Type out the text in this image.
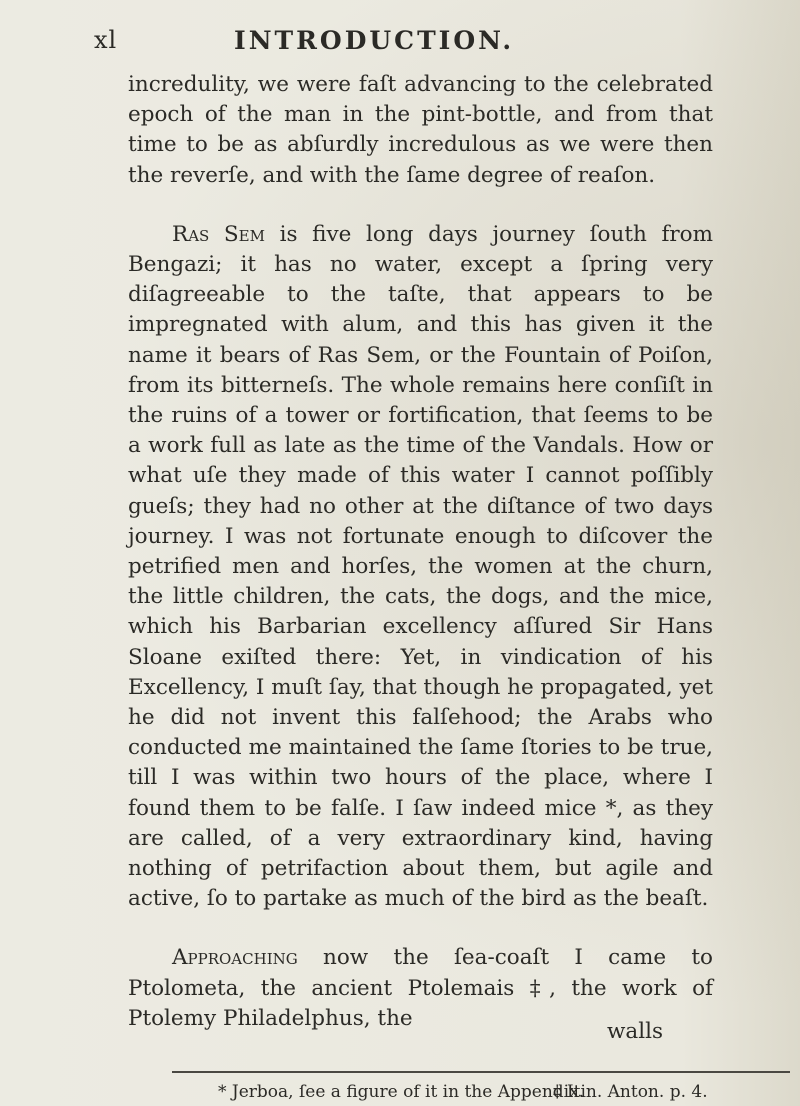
xl	INTRODUCTION.

incredulity, we were faſt advancing to the celebrated epoch of the man in the pint-bottle, and from that time to be as abſurdly incredulous as we were then the reverſe, and with the ſame degree of reaſon.

Ras Sem is five long days journey ſouth from Bengazi; it has no water, except a ſpring very diſagreeable to the taſte, that appears to be impregnated with alum, and this has given it the name it bears of Ras Sem, or the Fountain of Poiſon, from its bitterneſs. The whole remains here conſiſt in the ruins of a tower or fortification, that ſeems to be a work full as late as the time of the Vandals. How or what uſe they made of this water I cannot poſſibly gueſs; they had no other at the diſtance of two days journey. I was not fortunate enough to diſcover the petrified men and horſes, the women at the churn, the little children, the cats, the dogs, and the mice, which his Barbarian excellency aſſured Sir Hans Sloane exiſted there: Yet, in vindication of his Excellency, I muſt ſay, that though he propagated, yet he did not invent this falſehood; the Arabs who conducted me maintained the ſame ſtories to be true, till I was within two hours of the place, where I found them to be falſe. I ſaw indeed mice *, as they are called, of a very extraordinary kind, having nothing of petrifaction about them, but agile and active, ſo to partake as much of the bird as the beaſt.

Approaching now the ſea-coaſt I came to Ptolometa, the ancient Ptolemais ‡, the work of Ptolemy Philadelphus, the

walls
* Jerboa, ſee a figure of it in the Appendix.
‡ Itin. Anton. p. 4.
